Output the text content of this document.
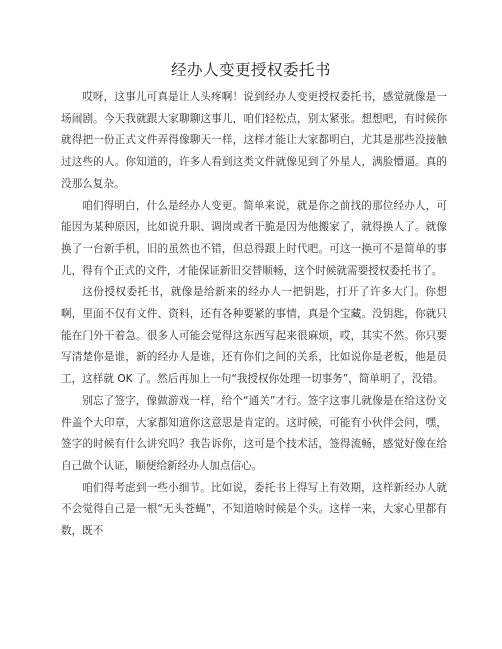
经办人变更授权委托书

哎呀，这事儿可真是让人头疼啊！说到经办人变更授权委托书，感觉就像是一场闹剧。今天我就跟大家聊聊这事儿，咱们轻松点，别太紧张。想想吧，有时候你就得把一份正式文件弄得像聊天一样，这样才能让大家都明白，尤其是那些没接触过这些的人。你知道的，许多人看到这类文件就像见到了外星人，满脸懵逼。真的没那么复杂。

咱们得明白，什么是经办人变更。简单来说，就是你之前找的那位经办人，可能因为某种原因，比如说升职、调岗或者干脆是因为他搬家了，就得换人了。就像换了一台新手机，旧的虽然也不错，但总得跟上时代吧。可这一换可不是简单的事儿，得有个正式的文件，才能保证新旧交替顺畅，这个时候就需要授权委托书了。

这份授权委托书，就像是给新来的经办人一把钥匙，打开了许多大门。你想啊，里面不仅有文件、资料，还有各种要紧的事情，真是个宝藏。没钥匙，你就只能在门外干着急。很多人可能会觉得这东西写起来很麻烦，哎，其实不然。你只要写清楚你是谁，新的经办人是谁，还有你们之间的关系，比如说你是老板，他是员工，这样就 OK 了。然后再加上一句“我授权你处理一切事务”，简单明了，没错。

别忘了签字，像做游戏一样，给个“通关”才行。签字这事儿就像是在给这份文件盖个大印章，大家都知道你这意思是肯定的。这时候，可能有小伙伴会问，嘿，签字的时候有什么讲究吗？我告诉你，这可是个技术活，签得流畅，感觉好像在给自己做个认证，顺便给新经办人加点信心。

咱们得考虑到一些小细节。比如说，委托书上得写上有效期，这样新经办人就不会觉得自己是一根“无头苍蝇”，不知道啥时候是个头。这样一来，大家心里都有数，既不
